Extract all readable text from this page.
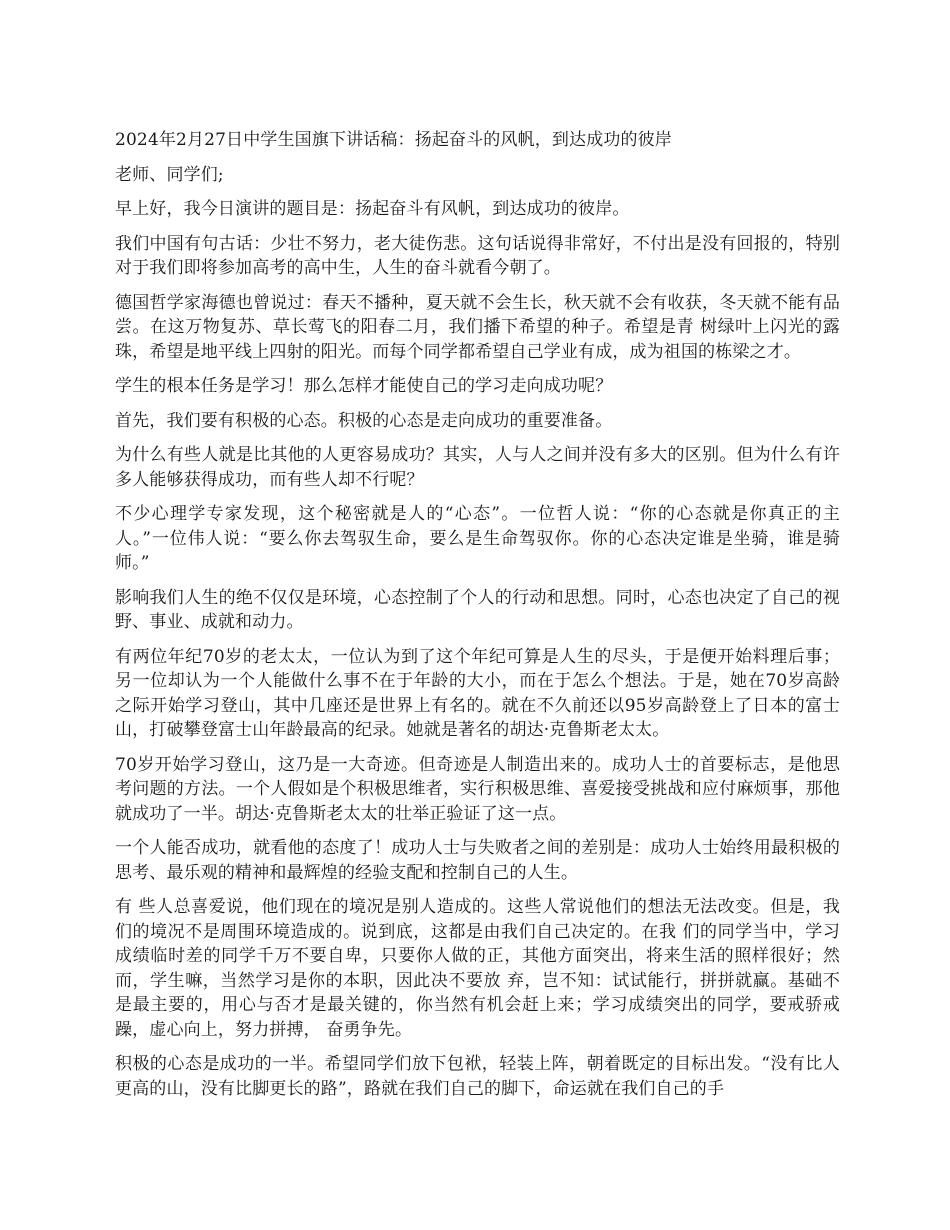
2024年2月27日中学生国旗下讲话稿：扬起奋斗的风帆，到达成功的彼岸

老师、同学们;

早上好，我今日演讲的题目是：扬起奋斗有风帆，到达成功的彼岸。

我们中国有句古话：少壮不努力，老大徒伤悲。这句话说得非常好，不付出是没有回报的，特别对于我们即将参加高考的高中生，人生的奋斗就看今朝了。

德国哲学家海德也曾说过：春天不播种，夏天就不会生长，秋天就不会有收获，冬天就不能有品尝。在这万物复苏、草长莺飞的阳春二月，我们播下希望的种子。希望是青 树绿叶上闪光的露珠，希望是地平线上四射的阳光。而每个同学都希望自己学业有成，成为祖国的栋梁之才。

学生的根本任务是学习！那么怎样才能使自己的学习走向成功呢？

首先，我们要有积极的心态。积极的心态是走向成功的重要准备。

为什么有些人就是比其他的人更容易成功？其实，人与人之间并没有多大的区别。但为什么有许多人能够获得成功，而有些人却不行呢？

不少心理学专家发现，这个秘密就是人的“心态”。一位哲人说：“你的心态就是你真正的主人。”一位伟人说：“要么你去驾驭生命，要么是生命驾驭你。你的心态决定谁是坐骑，谁是骑师。”

影响我们人生的绝不仅仅是环境，心态控制了个人的行动和思想。同时，心态也决定了自己的视野、事业、成就和动力。

有两位年纪70岁的老太太，一位认为到了这个年纪可算是人生的尽头，于是便开始料理后事；另一位却认为一个人能做什么事不在于年龄的大小，而在于怎么个想法。于是，她在70岁高龄之际开始学习登山，其中几座还是世界上有名的。就在不久前还以95岁高龄登上了日本的富士山，打破攀登富士山年龄最高的纪录。她就是著名的胡达·克鲁斯老太太。

70岁开始学习登山，这乃是一大奇迹。但奇迹是人制造出来的。成功人士的首要标志，是他思考问题的方法。一个人假如是个积极思维者，实行积极思维、喜爱接受挑战和应付麻烦事，那他就成功了一半。胡达·克鲁斯老太太的壮举正验证了这一点。

一个人能否成功，就看他的态度了！成功人士与失败者之间的差别是：成功人士始终用最积极的思考、最乐观的精神和最辉煌的经验支配和控制自己的人生。

有 些人总喜爱说，他们现在的境况是别人造成的。这些人常说他们的想法无法改变。但是，我们的境况不是周围环境造成的。说到底，这都是由我们自己决定的。在我 们的同学当中，学习成绩临时差的同学千万不要自卑，只要你人做的正，其他方面突出，将来生活的照样很好；然而，学生嘛，当然学习是你的本职，因此决不要放 弃，岂不知：试试能行，拼拼就赢。基础不是最主要的，用心与否才是最关键的，你当然有机会赶上来；学习成绩突出的同学，要戒骄戒躁，虚心向上，努力拼搏， 奋勇争先。

积极的心态是成功的一半。希望同学们放下包袱，轻装上阵，朝着既定的目标出发。“没有比人更高的山，没有比脚更长的路”，路就在我们自己的脚下，命运就在我们自己的手
